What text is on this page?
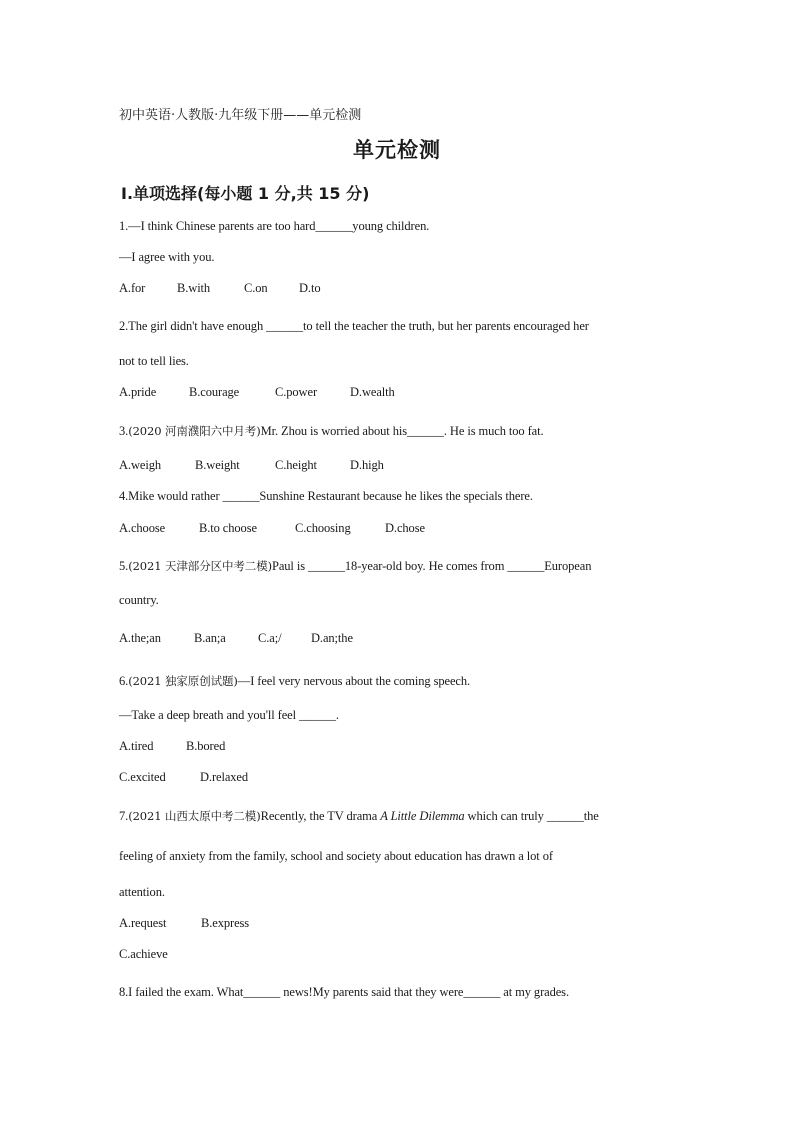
初中英语·人教版·九年级下册——单元检测
单元检测
Ⅰ.单项选择(每小题 1 分,共 15 分)
1.—I think Chinese parents are too hard______young children.
—I agree with you.
A.for	B.with	C.on	D.to
2.The girl didn't have enough ______to tell the teacher the truth, but her parents encouraged her
not to tell lies.
A.pride	B.courage	C.power	D.wealth
3.(2020 河南濮阳六中月考)Mr. Zhou is worried about his______. He is much too fat.
A.weigh	B.weight	C.height	D.high
4.Mike would rather ______Sunshine Restaurant because he likes the specials there.
A.choose	B.to choose	C.choosing	D.chose
5.(2021 天津部分区中考二模)Paul is ______18-year-old boy. He comes from ______European
country.
A.the;an	B.an;a	C.a;/ D.an;the
6.(2021 独家原创试题)—I feel very nervous about the coming speech.
—Take a deep breath and you'll feel ______.
A.tired	B.bored
C.excited	D.relaxed
7.(2021 山西太原中考二模)Recently, the TV drama A Little Dilemma which can truly ______the
feeling of anxiety from the family, school and society about education has drawn a lot of
attention.
A.request	B.express
C.achieve
8.I failed the exam. What______ news!My parents said that they were______ at my grades.
